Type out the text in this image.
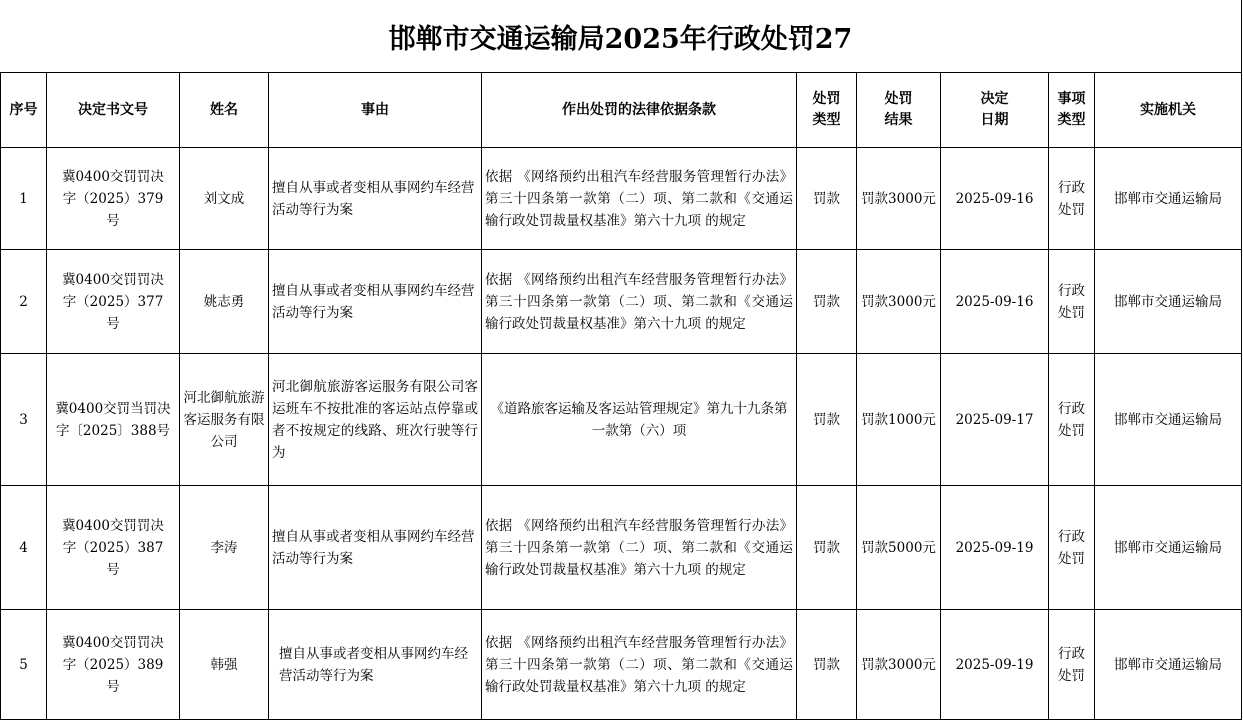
邯郸市交通运输局2025年行政处罚27
序号	决定书文号	姓名	事由	作出处罚的法律依据条款	处罚类型	处罚结果	决定日期	事项类型	实施机关
1	冀0400交罚罚决字（2025）379号	刘文成	擅自从事或者变相从事网约车经营活动等行为案	依据 《网络预约出租汽车经营服务管理暂行办法》第三十四条第一款第（二）项、第二款和《交通运输行政处罚裁量权基准》第六十九项 的规定	罚款	罚款3000元	2025-09-16	行政处罚	邯郸市交通运输局
2	冀0400交罚罚决字（2025）377号	姚志勇	擅自从事或者变相从事网约车经营活动等行为案	依据 《网络预约出租汽车经营服务管理暂行办法》第三十四条第一款第（二）项、第二款和《交通运输行政处罚裁量权基准》第六十九项 的规定	罚款	罚款3000元	2025-09-16	行政处罚	邯郸市交通运输局
3	冀0400交罚当罚决字〔2025〕388号	河北御航旅游客运服务有限公司	河北御航旅游客运服务有限公司客运班车不按批准的客运站点停靠或者不按规定的线路、班次行驶等行为	《道路旅客运输及客运站管理规定》第九十九条第一款第（六）项	罚款	罚款1000元	2025-09-17	行政处罚	邯郸市交通运输局
4	冀0400交罚罚决字（2025）387号	李涛	擅自从事或者变相从事网约车经营活动等行为案	依据 《网络预约出租汽车经营服务管理暂行办法》第三十四条第一款第（二）项、第二款和《交通运输行政处罚裁量权基准》第六十九项 的规定	罚款	罚款5000元	2025-09-19	行政处罚	邯郸市交通运输局
5	冀0400交罚罚决字（2025）389号	韩强	擅自从事或者变相从事网约车经营活动等行为案	依据 《网络预约出租汽车经营服务管理暂行办法》第三十四条第一款第（二）项、第二款和《交通运输行政处罚裁量权基准》第六十九项 的规定	罚款	罚款3000元	2025-09-19	行政处罚	邯郸市交通运输局
